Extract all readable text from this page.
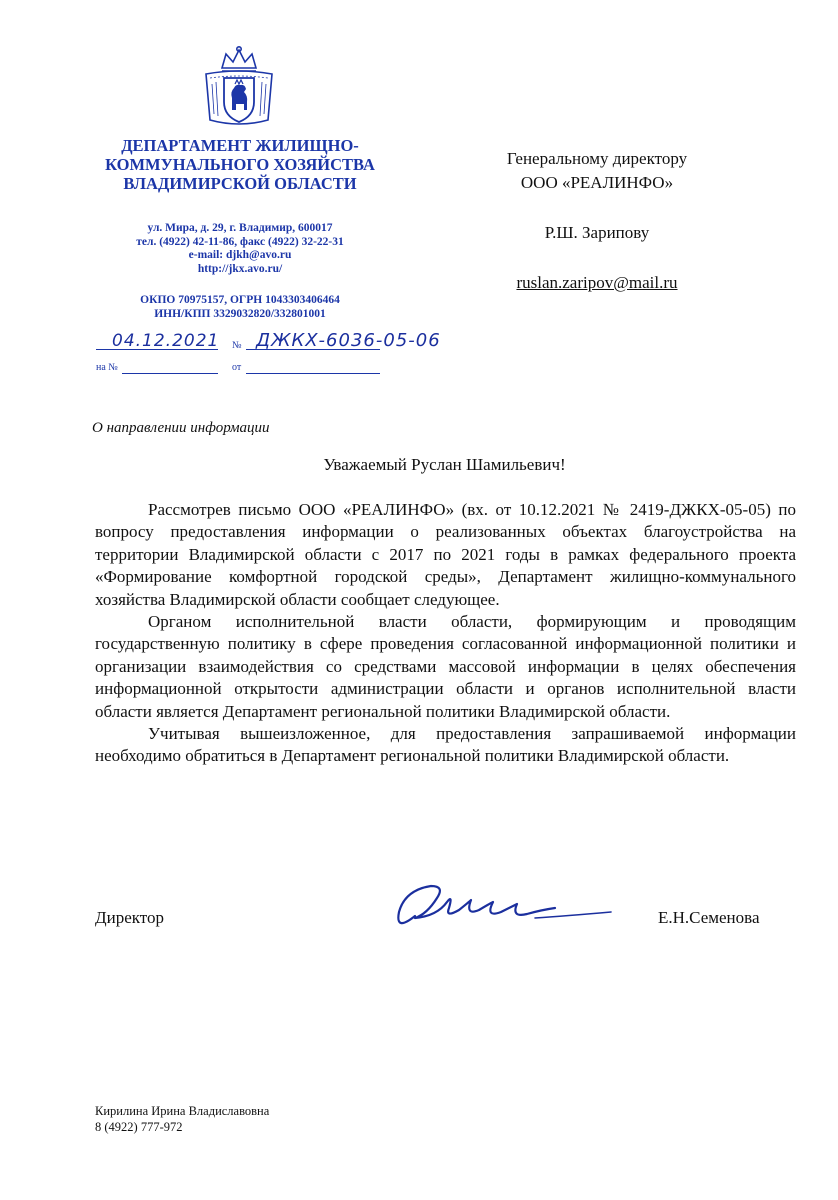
ДЕПАРТАМЕНТ ЖИЛИЩНО-
КОММУНАЛЬНОГО ХОЗЯЙСТВА
ВЛАДИМИРСКОЙ ОБЛАСТИ
ул. Мира, д. 29, г. Владимир, 600017
тел. (4922) 42-11-86, факс (4922) 32-22-31
e-mail: djkh@avo.ru
http://jkx.avo.ru/
ОКПО 70975157, ОГРН 1043303406464
ИНН/КПП 3329032820/332801001
04.12.2021 № ДЖКХ-6036-05-06
на №	от
Генеральному директору
ООО «РЕАЛИНФО»
Р.Ш. Зарипову
ruslan.zaripov@mail.ru
О направлении информации
Уважаемый Руслан Шамильевич!

Рассмотрев письмо ООО «РЕАЛИНФО» (вх. от 10.12.2021 № 2419-ДЖКХ-05-05) по вопросу предоставления информации о реализованных объектах благоустройства на территории Владимирской области с 2017 по 2021 годы в рамках федерального проекта «Формирование комфортной городской среды», Департамент жилищно-коммунального хозяйства Владимирской области сообщает следующее.

Органом исполнительной власти области, формирующим и проводящим государственную политику в сфере проведения согласованной информационной политики и организации взаимодействия со средствами массовой информации в целях обеспечения информационной открытости администрации области и органов исполнительной власти области является Департамент региональной политики Владимирской области.

Учитывая вышеизложенное, для предоставления запрашиваемой информации необходимо обратиться в Департамент региональной политики Владимирской области.

Директор	Е.Н.Семенова
Кирилина Ирина Владиславовна
8 (4922) 777-972
